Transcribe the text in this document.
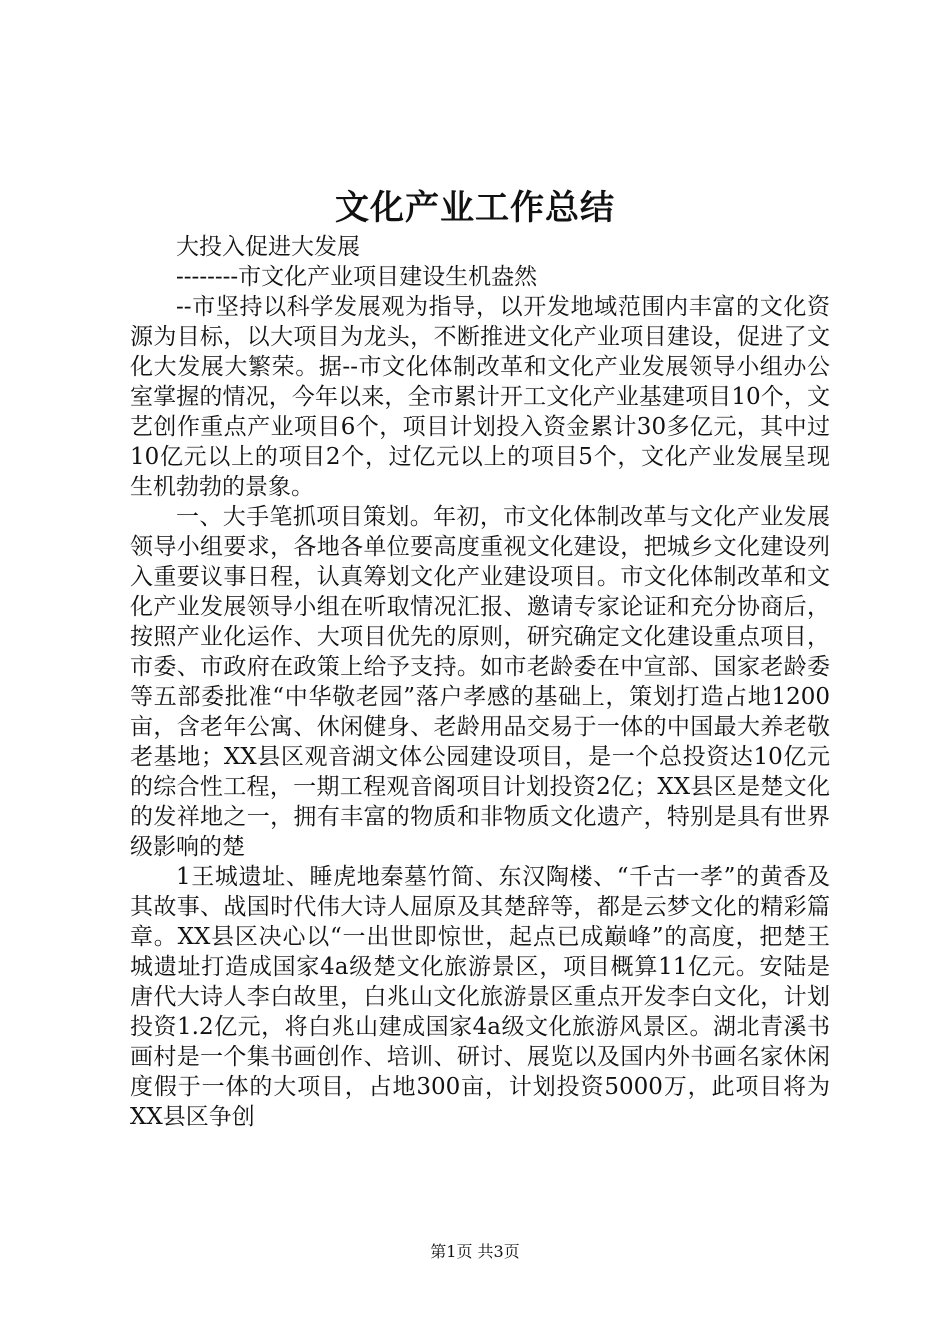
文化产业工作总结

大投入促进大发展

--------市文化产业项目建设生机盎然

--市坚持以科学发展观为指导，以开发地域范围内丰富的文化资源为目标，以大项目为龙头，不断推进文化产业项目建设，促进了文化大发展大繁荣。据--市文化体制改革和文化产业发展领导小组办公室掌握的情况，今年以来，全市累计开工文化产业基建项目10个，文艺创作重点产业项目6个，项目计划投入资金累计30多亿元，其中过10亿元以上的项目2个，过亿元以上的项目5个，文化产业发展呈现生机勃勃的景象。

一、大手笔抓项目策划。年初，市文化体制改革与文化产业发展领导小组要求，各地各单位要高度重视文化建设，把城乡文化建设列入重要议事日程，认真筹划文化产业建设项目。市文化体制改革和文化产业发展领导小组在听取情况汇报、邀请专家论证和充分协商后，按照产业化运作、大项目优先的原则，研究确定文化建设重点项目，市委、市政府在政策上给予支持。如市老龄委在中宣部、国家老龄委等五部委批准“中华敬老园”落户孝感的基础上，策划打造占地1200亩，含老年公寓、休闲健身、老龄用品交易于一体的中国最大养老敬老基地；XX县区观音湖文体公园建设项目，是一个总投资达10亿元的综合性工程，一期工程观音阁项目计划投资2亿；XX县区是楚文化的发祥地之一，拥有丰富的物质和非物质文化遗产，特别是具有世界级影响的楚

1王城遗址、睡虎地秦墓竹简、东汉陶楼、“千古一孝”的黄香及其故事、战国时代伟大诗人屈原及其楚辞等，都是云梦文化的精彩篇章。XX县区决心以“一出世即惊世，起点已成巅峰”的高度，把楚王城遗址打造成国家4a级楚文化旅游景区，项目概算11亿元。安陆是唐代大诗人李白故里，白兆山文化旅游景区重点开发李白文化，计划投资1.2亿元，将白兆山建成国家4a级文化旅游风景区。湖北青溪书画村是一个集书画创作、培训、研讨、展览以及国内外书画名家休闲度假于一体的大项目，占地300亩，计划投资5000万，此项目将为XX县区争创

第1页 共3页
